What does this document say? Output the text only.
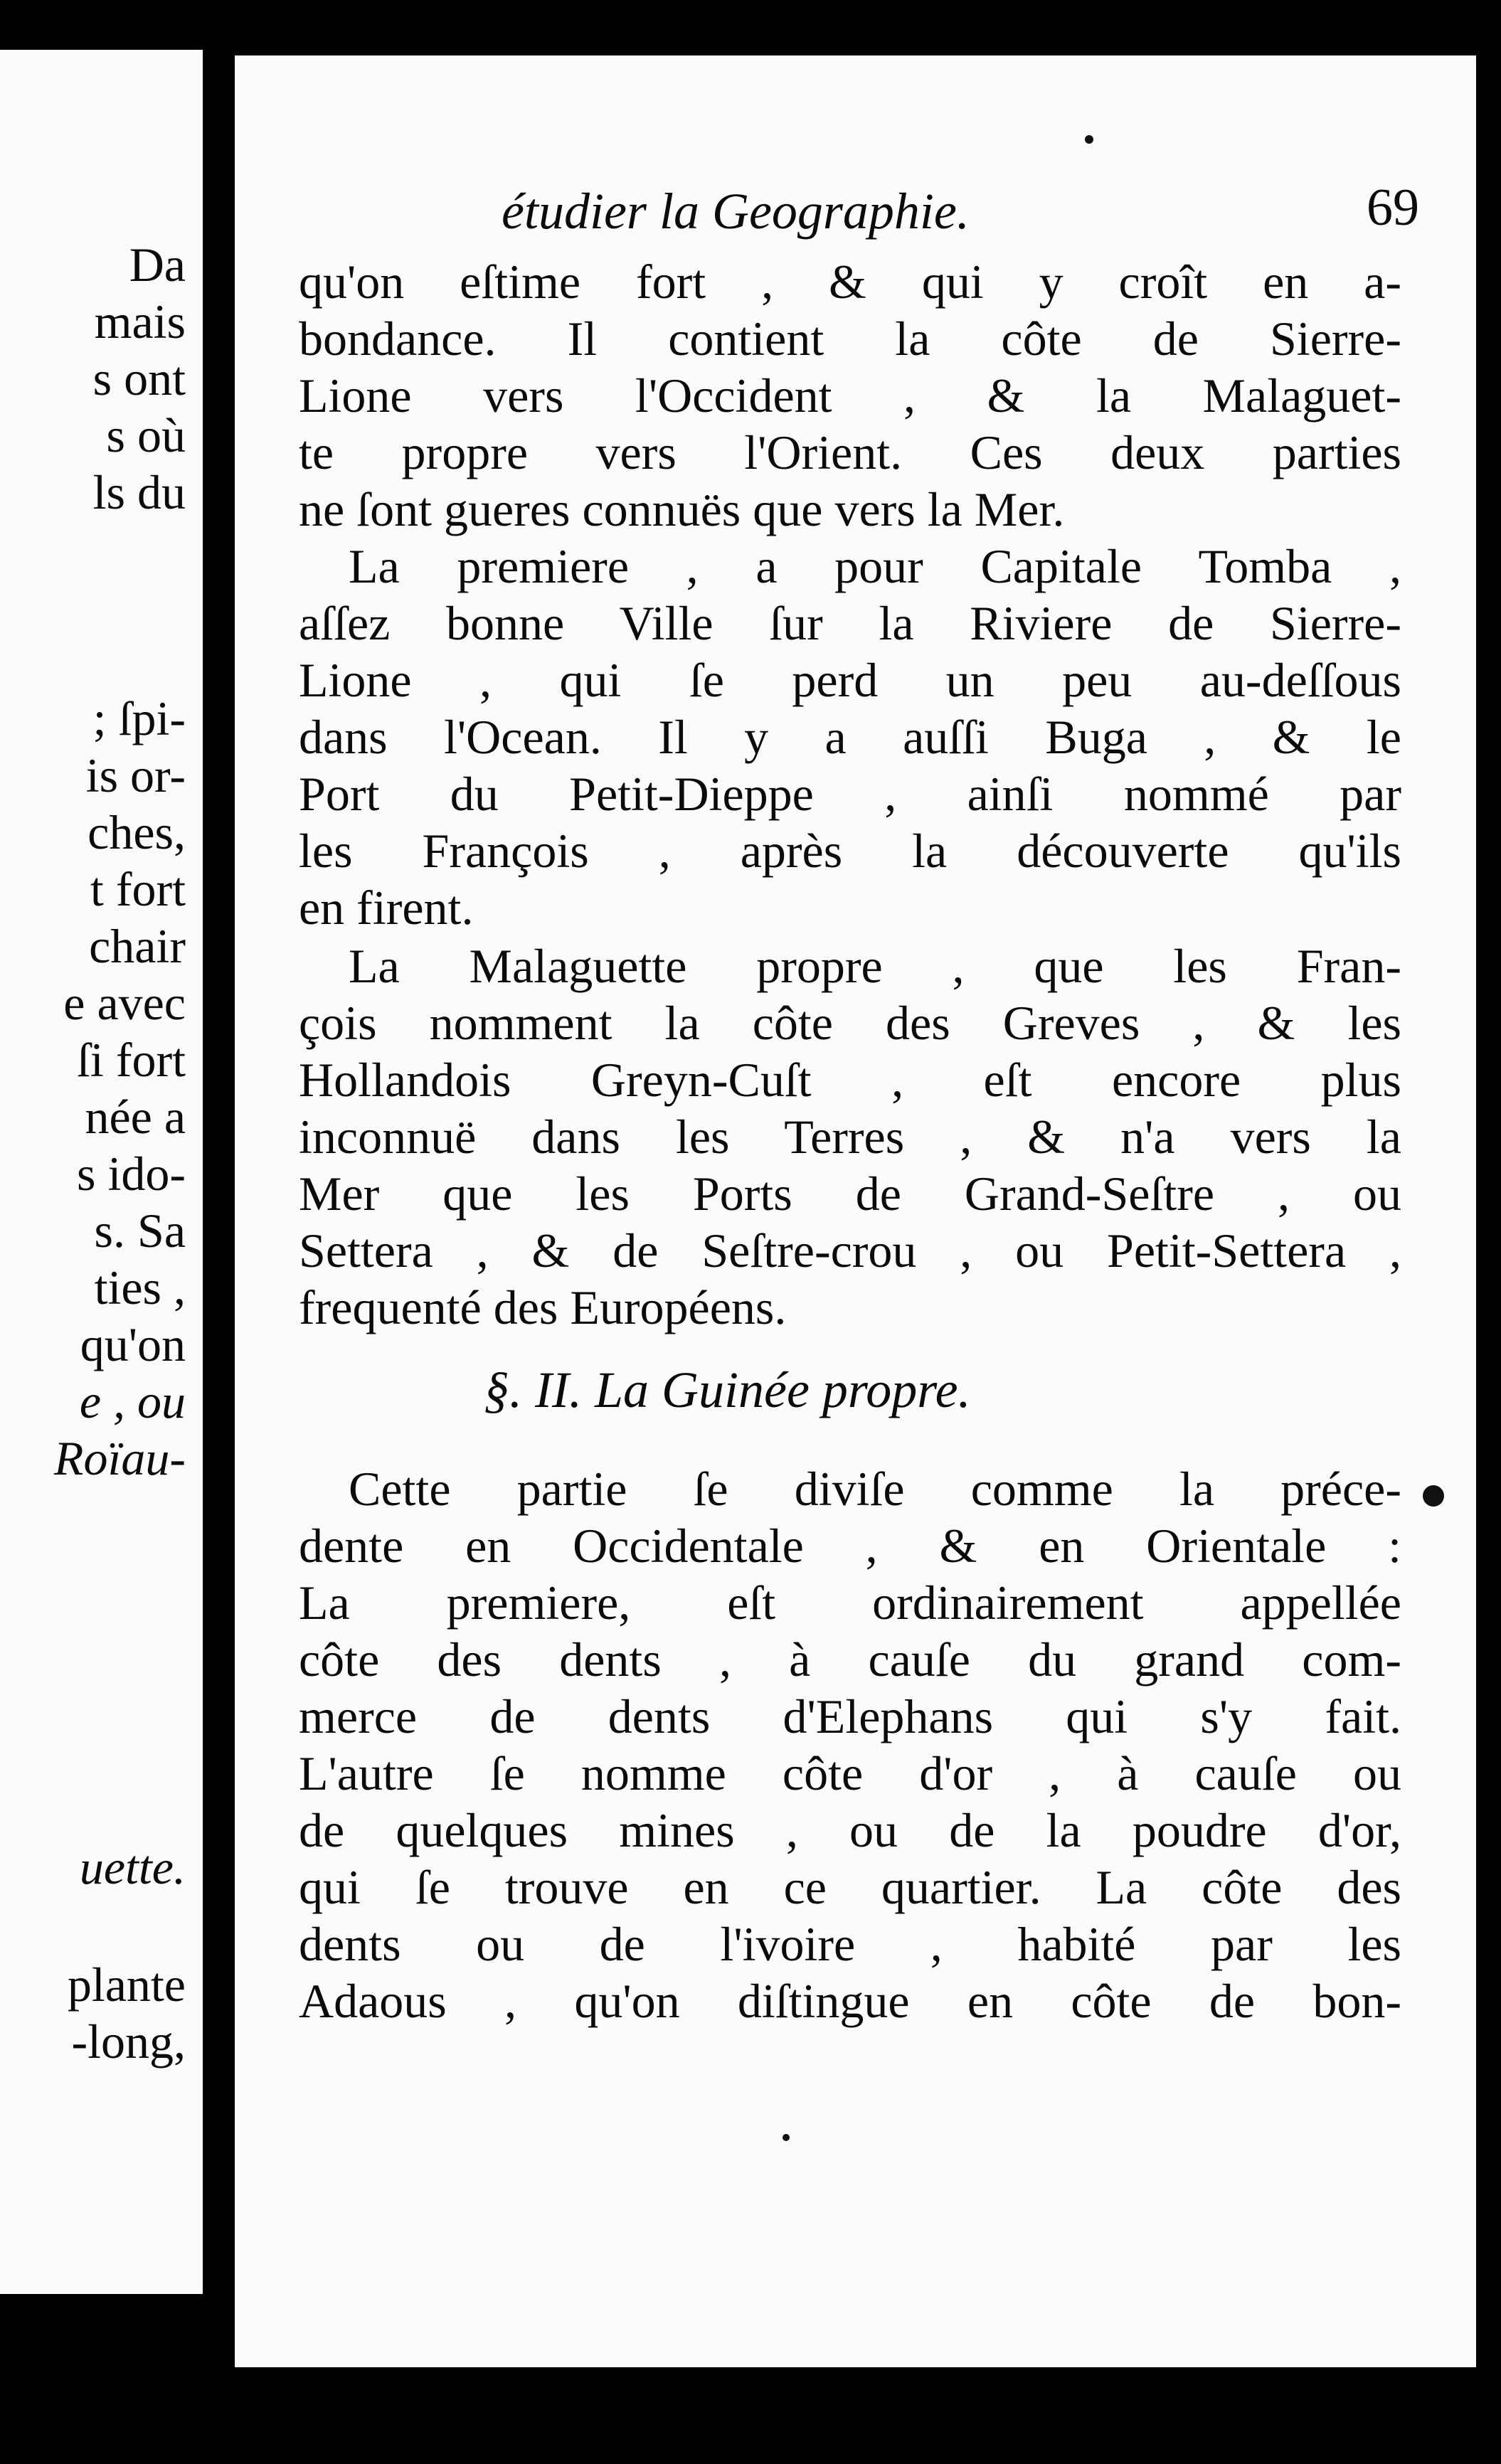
Da
mais
s ont
s où
ls du
; ſpi-
is or-
ches,
t fort
chair
e avec
ſi fort
née a
s ido-
s. Sa
ties ,
qu'on
e , ou
Roïau-
uette.
plante
-long,
étudier la Geographie.	69
qu'on eſtime fort , & qui y croît en a-
bondance. Il contient la côte de Sierre-
Lione vers l'Occident , & la Malaguet-
te propre vers l'Orient. Ces deux parties
ne ſont gueres connuës que vers la Mer.
La premiere , a pour Capitale Tomba ,
aſſez bonne Ville ſur la Riviere de Sierre-
Lione , qui ſe perd un peu au-deſſous
dans l'Ocean. Il y a auſſi Buga , & le
Port du Petit-Dieppe , ainſi nommé par
les François , après la découverte qu'ils
en firent.
La Malaguette propre , que les Fran-
çois nomment la côte des Greves , & les
Hollandois Greyn-Cuſt , eſt encore plus
inconnuë dans les Terres , & n'a vers la
Mer que les Ports de Grand-Seſtre , ou
Settera , & de Seſtre-crou , ou Petit-Settera ,
frequenté des Européens.
§. II. La Guinée propre.
Cette partie ſe diviſe comme la préce-
dente en Occidentale , & en Orientale :
La premiere, eſt ordinairement appellée
côte des dents , à cauſe du grand com-
merce de dents d'Elephans qui s'y fait.
L'autre ſe nomme côte d'or , à cauſe ou
de quelques mines , ou de la poudre d'or,
qui ſe trouve en ce quartier. La côte des
dents ou de l'ivoire , habité par les
Adaous , qu'on diſtingue en côte de bon-
